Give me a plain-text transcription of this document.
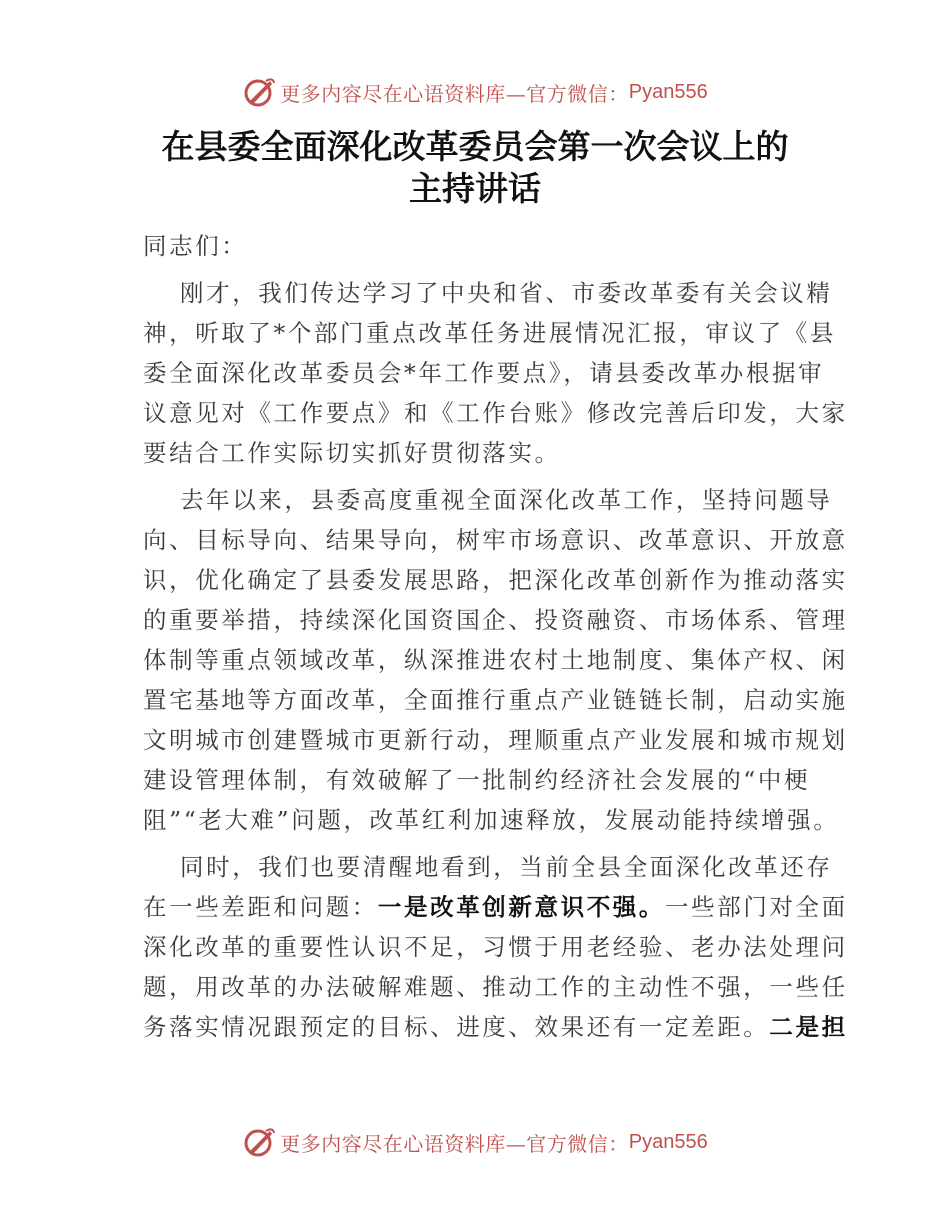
更多内容尽在心语资料库—官方微信： Pyan556
在县委全面深化改革委员会第一次会议上的
主持讲话
同志们：
刚才，我们传达学习了中央和省、市委改革委有关会议精
神，听取了*个部门重点改革任务进展情况汇报，审议了《县
委全面深化改革委员会*年工作要点》，请县委改革办根据审
议意见对《工作要点》和《工作台账》修改完善后印发，大家
要结合工作实际切实抓好贯彻落实。
去年以来，县委高度重视全面深化改革工作，坚持问题导
向、目标导向、结果导向，树牢市场意识、改革意识、开放意
识，优化确定了县委发展思路，把深化改革创新作为推动落实
的重要举措，持续深化国资国企、投资融资、市场体系、管理
体制等重点领域改革，纵深推进农村土地制度、集体产权、闲
置宅基地等方面改革，全面推行重点产业链链长制，启动实施
文明城市创建暨城市更新行动，理顺重点产业发展和城市规划
建设管理体制，有效破解了一批制约经济社会发展的“中梗
阻”“老大难”问题，改革红利加速释放，发展动能持续增强。
同时，我们也要清醒地看到，当前全县全面深化改革还存
在一些差距和问题：一是改革创新意识不强。一些部门对全面
深化改革的重要性认识不足，习惯于用老经验、老办法处理问
题，用改革的办法破解难题、推动工作的主动性不强，一些任
务落实情况跟预定的目标、进度、效果还有一定差距。二是担
更多内容尽在心语资料库—官方微信： Pyan556
